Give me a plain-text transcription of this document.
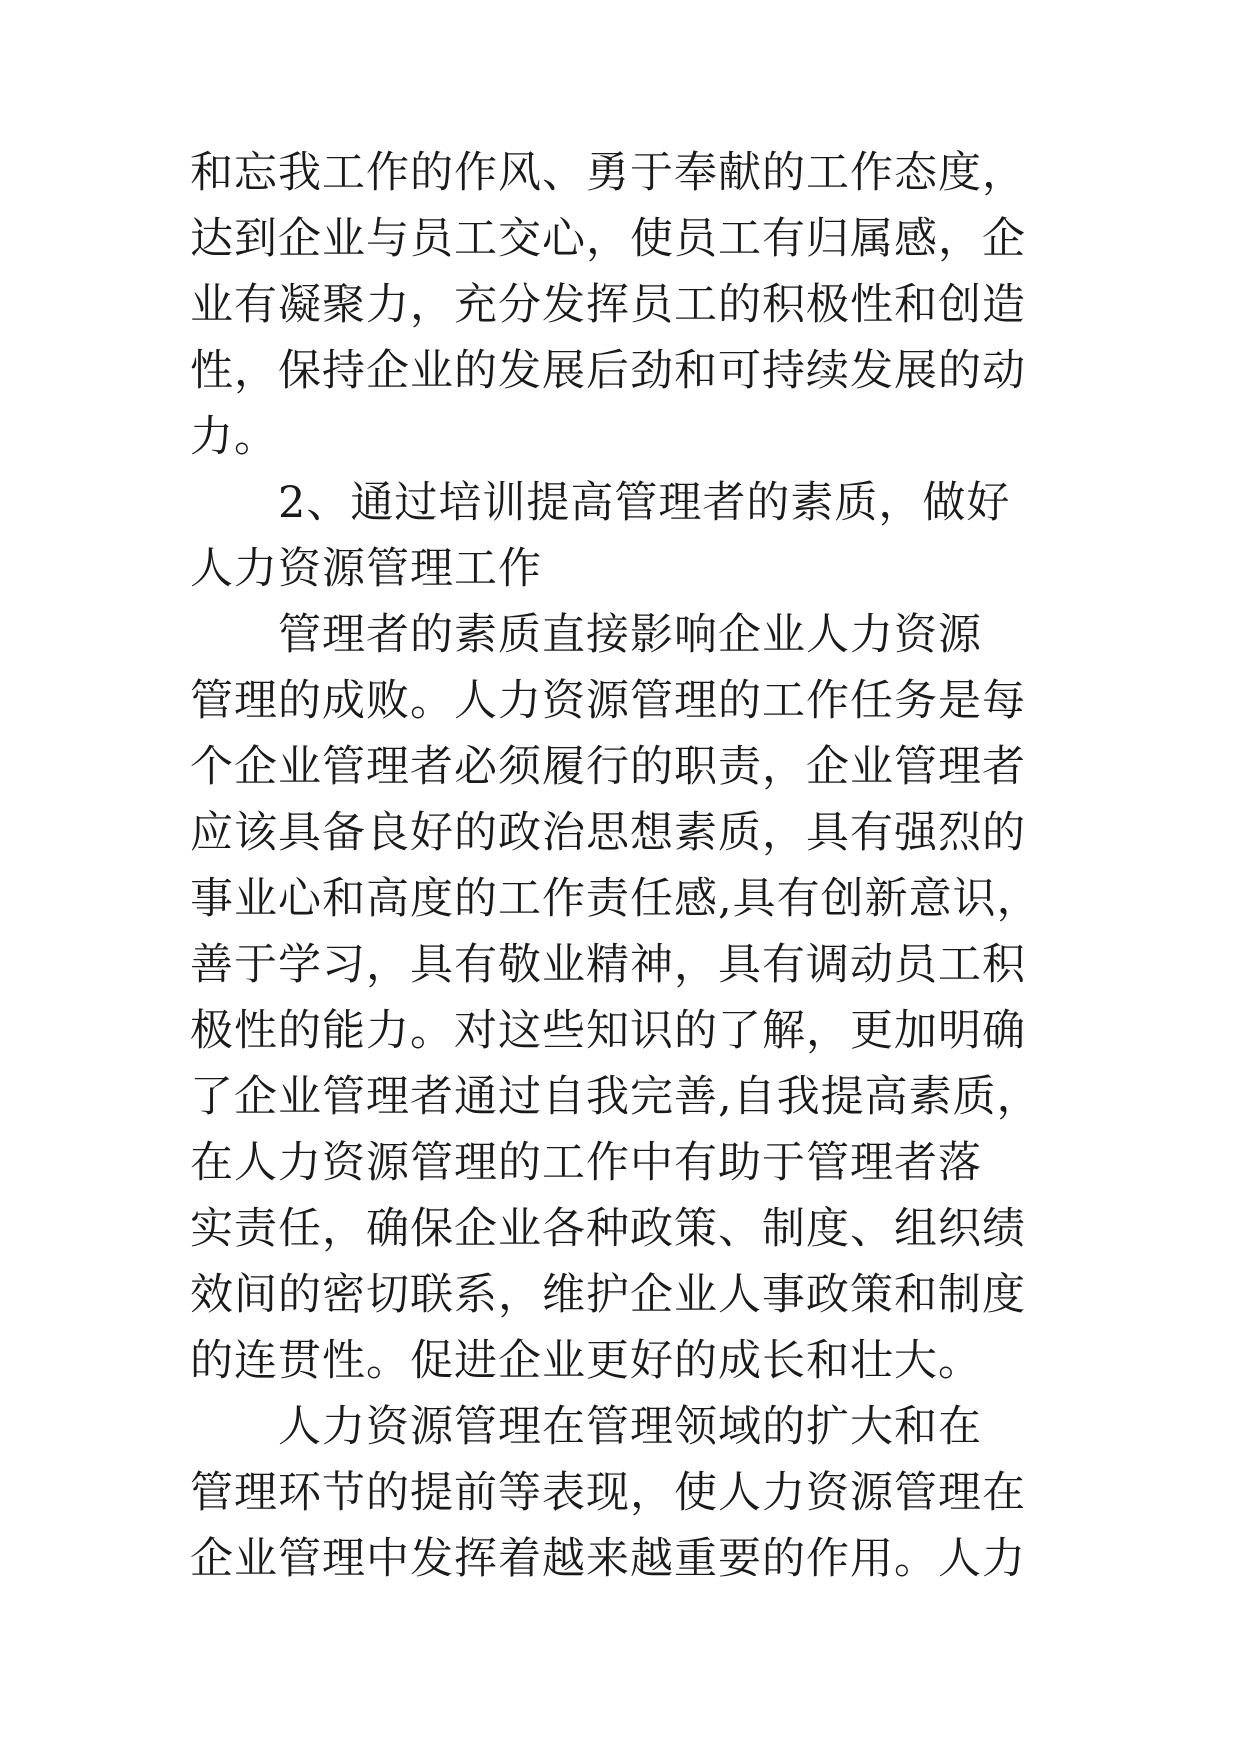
和忘我工作的作风、勇于奉献的工作态度，
达到企业与员工交心，使员工有归属感，企
业有凝聚力，充分发挥员工的积极性和创造
性，保持企业的发展后劲和可持续发展的动
力。
2、通过培训提高管理者的素质，做好
人力资源管理工作
管理者的素质直接影响企业人力资源
管理的成败。人力资源管理的工作任务是每
个企业管理者必须履行的职责，企业管理者
应该具备良好的政治思想素质，具有强烈的
事业心和高度的工作责任感,具有创新意识，
善于学习，具有敬业精神，具有调动员工积
极性的能力。对这些知识的了解，更加明确
了企业管理者通过自我完善,自我提高素质，
在人力资源管理的工作中有助于管理者落
实责任，确保企业各种政策、制度、组织绩
效间的密切联系，维护企业人事政策和制度
的连贯性。促进企业更好的成长和壮大。
人力资源管理在管理领域的扩大和在
管理环节的提前等表现，使人力资源管理在
企业管理中发挥着越来越重要的作用。人力
